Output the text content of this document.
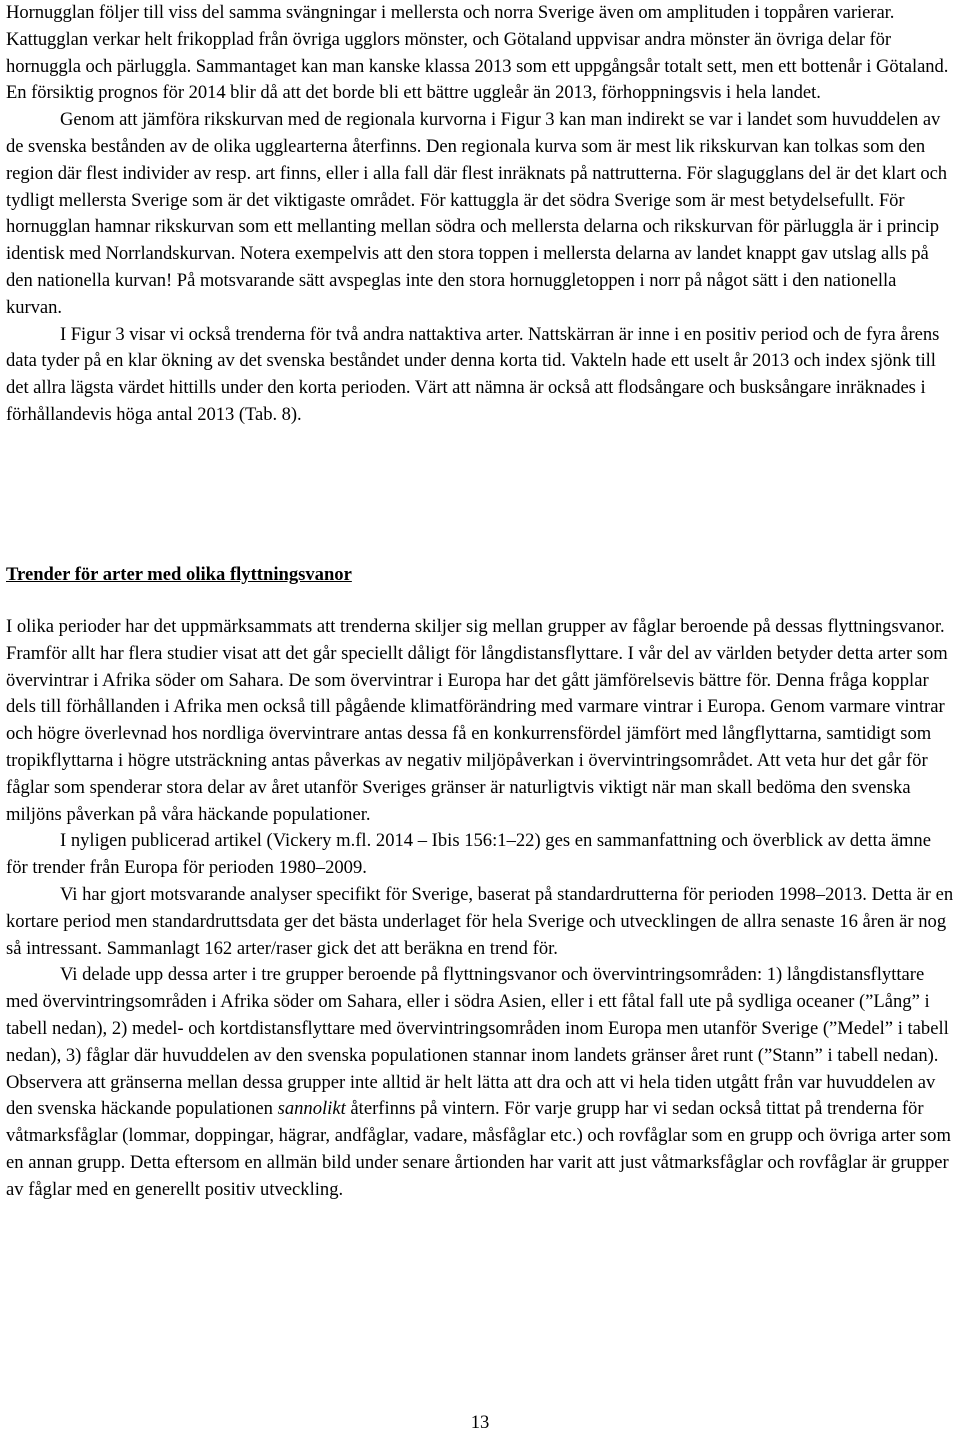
Hornugglan följer till viss del samma svängningar i mellersta och norra Sverige även om amplituden i toppåren varierar. Kattugglan verkar helt frikopplad från övriga ugglors mönster, och Götaland uppvisar andra mönster än övriga delar för hornuggla och pärluggla. Sammantaget kan man kanske klassa 2013 som ett uppgångsår totalt sett, men ett bottenår i Götaland. En försiktig prognos för 2014 blir då att det borde bli ett bättre uggleår än 2013, förhoppningsvis i hela landet.

Genom att jämföra rikskurvan med de regionala kurvorna i Figur 3 kan man indirekt se var i landet som huvuddelen av de svenska bestånden av de olika ugglearterna återfinns. Den regionala kurva som är mest lik rikskurvan kan tolkas som den region där flest individer av resp. art finns, eller i alla fall där flest inräknats på nattrutterna. För slagugglans del är det klart och tydligt mellersta Sverige som är det viktigaste området. För kattuggla är det södra Sverige som är mest betydelsefullt. För hornugglan hamnar rikskurvan som ett mellanting mellan södra och mellersta delarna och rikskurvan för pärluggla är i princip identisk med Norrlandskurvan. Notera exempelvis att den stora toppen i mellersta delarna av landet knappt gav utslag alls på den nationella kurvan! På motsvarande sätt avspeglas inte den stora hornuggletoppen i norr på något sätt i den nationella kurvan.

I Figur 3 visar vi också trenderna för två andra nattaktiva arter. Nattskärran är inne i en positiv period och de fyra årens data tyder på en klar ökning av det svenska beståndet under denna korta tid. Vakteln hade ett uselt år 2013 och index sjönk till det allra lägsta värdet hittills under den korta perioden. Värt att nämna är också att flodsångare och busksångare inräknades i förhållandevis höga antal 2013 (Tab. 8).

Trender för arter med olika flyttningsvanor

I olika perioder har det uppmärksammats att trenderna skiljer sig mellan grupper av fåglar beroende på dessas flyttningsvanor. Framför allt har flera studier visat att det går speciellt dåligt för långdistansflyttare. I vår del av världen betyder detta arter som övervintrar i Afrika söder om Sahara. De som övervintrar i Europa har det gått jämförelsevis bättre för. Denna fråga kopplar dels till förhållanden i Afrika men också till pågående klimatförändring med varmare vintrar i Europa. Genom varmare vintrar och högre överlevnad hos nordliga övervintrare antas dessa få en konkurrensfördel jämfört med långflyttarna, samtidigt som tropikflyttarna i högre utsträckning antas påverkas av negativ miljöpåverkan i övervintringsområdet. Att veta hur det går för fåglar som spenderar stora delar av året utanför Sveriges gränser är naturligtvis viktigt när man skall bedöma den svenska miljöns påverkan på våra häckande populationer.

I nyligen publicerad artikel (Vickery m.fl. 2014 – Ibis 156:1–22) ges en sammanfattning och överblick av detta ämne för trender från Europa för perioden 1980–2009.

Vi har gjort motsvarande analyser specifikt för Sverige, baserat på standardrutterna för perioden 1998–2013. Detta är en kortare period men standardruttsdata ger det bästa underlaget för hela Sverige och utvecklingen de allra senaste 16 åren är nog så intressant. Sammanlagt 162 arter/raser gick det att beräkna en trend för.

Vi delade upp dessa arter i tre grupper beroende på flyttningsvanor och övervintringsområden: 1) långdistansflyttare med övervintringsområden i Afrika söder om Sahara, eller i södra Asien, eller i ett fåtal fall ute på sydliga oceaner (”Lång” i tabell nedan), 2) medel- och kortdistansflyttare med övervintringsområden inom Europa men utanför Sverige (”Medel” i tabell nedan), 3) fåglar där huvuddelen av den svenska populationen stannar inom landets gränser året runt (”Stann” i tabell nedan). Observera att gränserna mellan dessa grupper inte alltid är helt lätta att dra och att vi hela tiden utgått från var huvuddelen av den svenska häckande populationen sannolikt återfinns på vintern. För varje grupp har vi sedan också tittat på trenderna för våtmarksfåglar (lommar, doppingar, hägrar, andfåglar, vadare, måsfåglar etc.) och rovfåglar som en grupp och övriga arter som en annan grupp. Detta eftersom en allmän bild under senare årtionden har varit att just våtmarksfåglar och rovfåglar är grupper av fåglar med en generellt positiv utveckling.

13
